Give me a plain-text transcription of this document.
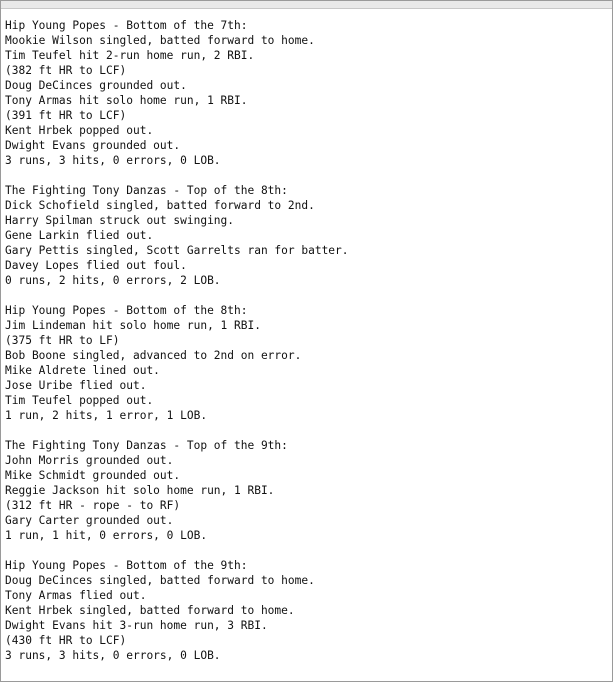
Hip Young Popes - Bottom of the 7th:
Mookie Wilson singled, batted forward to home.
Tim Teufel hit 2-run home run, 2 RBI.
(382 ft HR to LCF)
Doug DeCinces grounded out.
Tony Armas hit solo home run, 1 RBI.
(391 ft HR to LCF)
Kent Hrbek popped out.
Dwight Evans grounded out.
3 runs, 3 hits, 0 errors, 0 LOB.
The Fighting Tony Danzas - Top of the 8th:
Dick Schofield singled, batted forward to 2nd.
Harry Spilman struck out swinging.
Gene Larkin flied out.
Gary Pettis singled, Scott Garrelts ran for batter.
Davey Lopes flied out foul.
0 runs, 2 hits, 0 errors, 2 LOB.
Hip Young Popes - Bottom of the 8th:
Jim Lindeman hit solo home run, 1 RBI.
(375 ft HR to LF)
Bob Boone singled, advanced to 2nd on error.
Mike Aldrete lined out.
Jose Uribe flied out.
Tim Teufel popped out.
1 run, 2 hits, 1 error, 1 LOB.
The Fighting Tony Danzas - Top of the 9th:
John Morris grounded out.
Mike Schmidt grounded out.
Reggie Jackson hit solo home run, 1 RBI.
(312 ft HR - rope - to RF)
Gary Carter grounded out.
1 run, 1 hit, 0 errors, 0 LOB.
Hip Young Popes - Bottom of the 9th:
Doug DeCinces singled, batted forward to home.
Tony Armas flied out.
Kent Hrbek singled, batted forward to home.
Dwight Evans hit 3-run home run, 3 RBI.
(430 ft HR to LCF)
3 runs, 3 hits, 0 errors, 0 LOB.
